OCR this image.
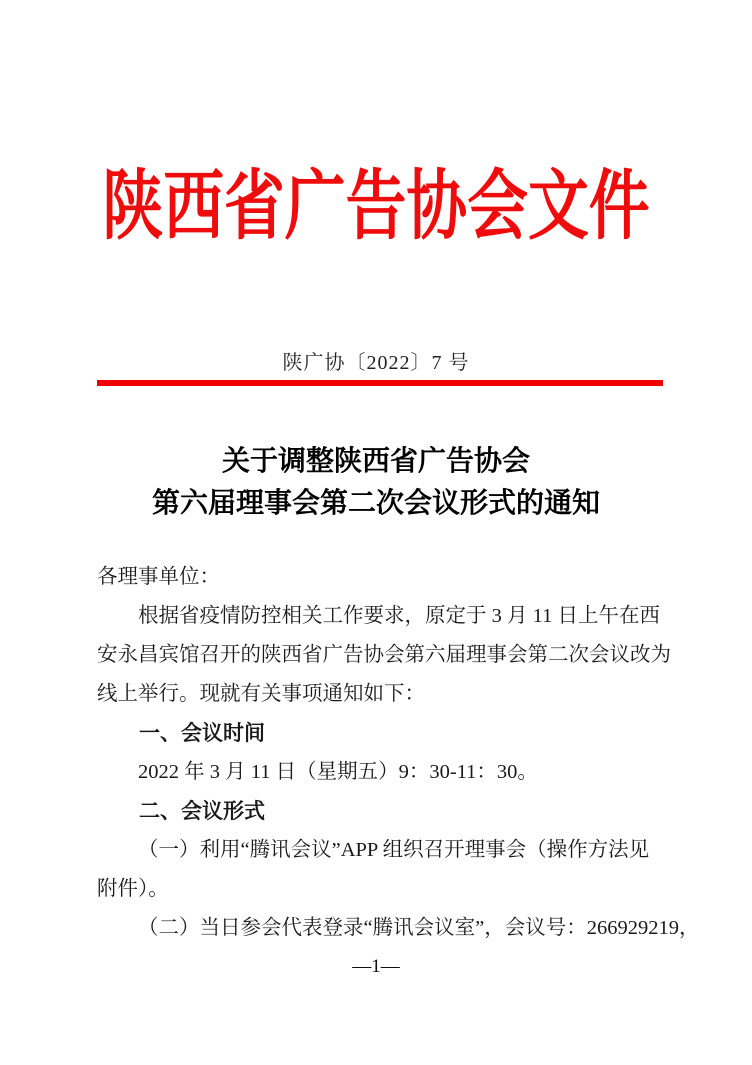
陕西省广告协会文件
陕广协〔2022〕7 号
关于调整陕西省广告协会
第六届理事会第二次会议形式的通知
各理事单位：
根据省疫情防控相关工作要求，原定于 3 月 11 日上午在西
安永昌宾馆召开的陕西省广告协会第六届理事会第二次会议改为
线上举行。现就有关事项通知如下：
一、会议时间
2022 年 3 月 11 日（星期五）9：30-11：30。
二、会议形式
（一）利用“腾讯会议”APP 组织召开理事会（操作方法见
附件）。
（二）当日参会代表登录“腾讯会议室”，会议号：266929219，
—1—
